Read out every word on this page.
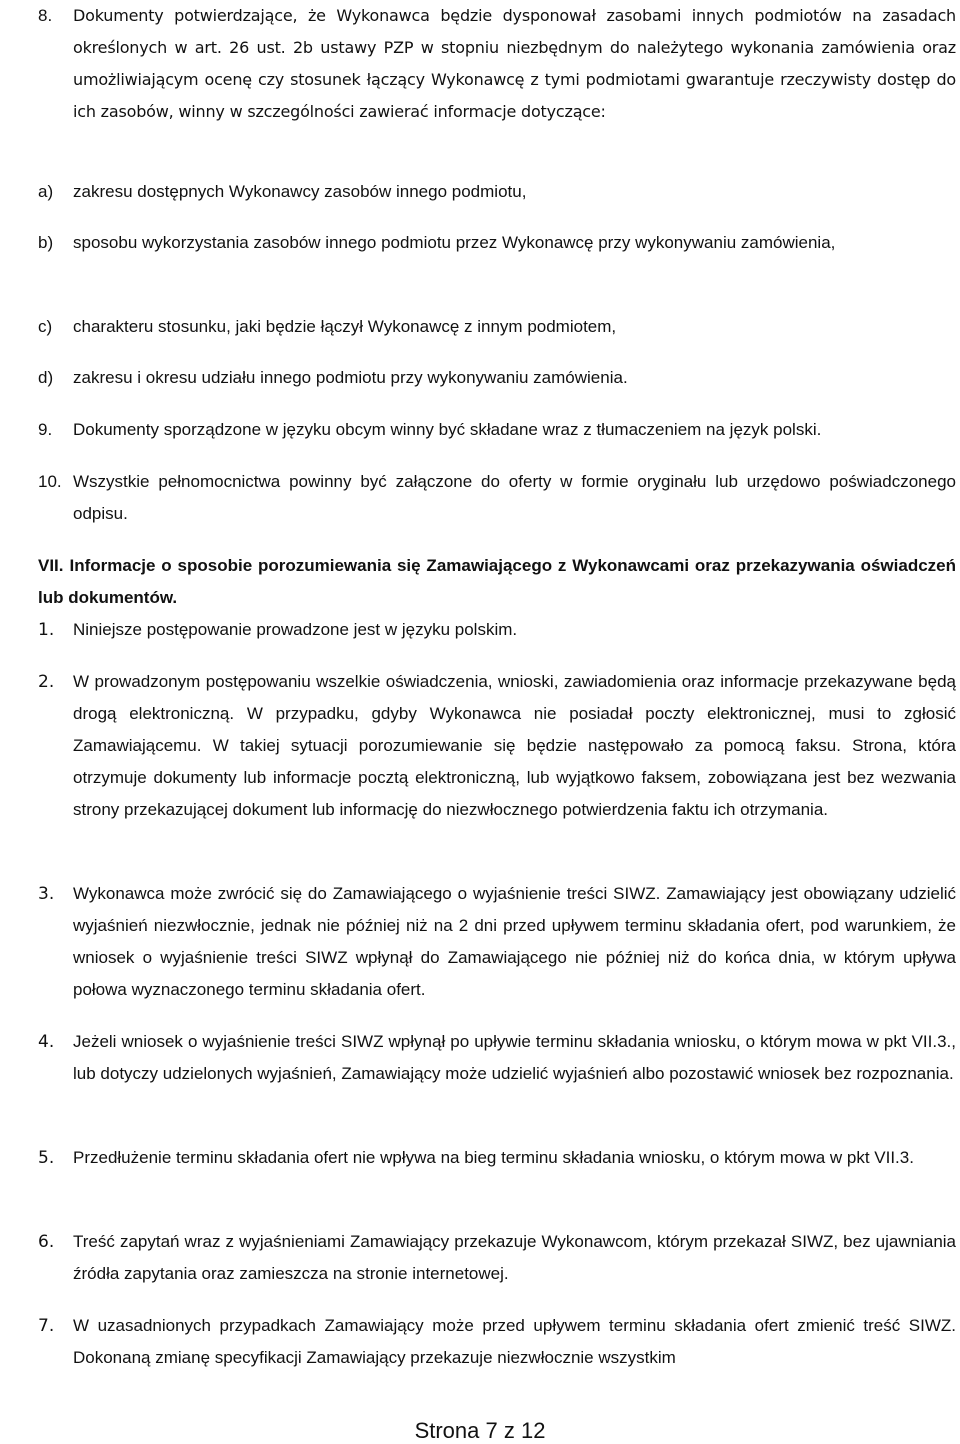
8. Dokumenty potwierdzające, że Wykonawca będzie dysponował zasobami innych podmiotów na zasadach określonych w art. 26 ust. 2b ustawy PZP w stopniu niezbędnym do należytego wykonania zamówienia oraz umożliwiającym ocenę czy stosunek łączący Wykonawcę z tymi podmiotami gwarantuje rzeczywisty dostęp do ich zasobów, winny w szczególności zawierać informacje dotyczące:
a) zakresu dostępnych Wykonawcy zasobów innego podmiotu,
b) sposobu wykorzystania zasobów innego podmiotu przez Wykonawcę przy wykonywaniu zamówienia,
c) charakteru stosunku, jaki będzie łączył Wykonawcę z innym podmiotem,
d) zakresu i okresu udziału innego podmiotu przy wykonywaniu zamówienia.
9. Dokumenty sporządzone w języku obcym winny być składane wraz z tłumaczeniem na język polski.
10. Wszystkie pełnomocnictwa powinny być załączone do oferty w formie oryginału lub urzędowo poświadczonego odpisu.
VII. Informacje o sposobie porozumiewania się Zamawiającego z Wykonawcami oraz przekazywania oświadczeń lub dokumentów.
1. Niniejsze postępowanie prowadzone jest w języku polskim.
2. W prowadzonym postępowaniu wszelkie oświadczenia, wnioski, zawiadomienia oraz informacje przekazywane będą drogą elektroniczną. W przypadku, gdyby Wykonawca nie posiadał poczty elektronicznej, musi to zgłosić Zamawiającemu. W takiej sytuacji porozumiewanie się będzie następowało za pomocą faksu. Strona, która otrzymuje dokumenty lub informacje pocztą elektroniczną, lub wyjątkowo faksem, zobowiązana jest bez wezwania strony przekazującej dokument lub informację do niezwłocznego potwierdzenia faktu ich otrzymania.
3. Wykonawca może zwrócić się do Zamawiającego o wyjaśnienie treści SIWZ. Zamawiający jest obowiązany udzielić wyjaśnień niezwłocznie, jednak nie później niż na 2 dni przed upływem terminu składania ofert, pod warunkiem, że wniosek o wyjaśnienie treści SIWZ wpłynął do Zamawiającego nie później niż do końca dnia, w którym upływa połowa wyznaczonego terminu składania ofert.
4. Jeżeli wniosek o wyjaśnienie treści SIWZ wpłynął po upływie terminu składania wniosku, o którym mowa w pkt VII.3., lub dotyczy udzielonych wyjaśnień, Zamawiający może udzielić wyjaśnień albo pozostawić wniosek bez rozpoznania.
5. Przedłużenie terminu składania ofert nie wpływa na bieg terminu składania wniosku, o którym mowa w pkt VII.3.
6. Treść zapytań wraz z wyjaśnieniami Zamawiający przekazuje Wykonawcom, którym przekazał SIWZ, bez ujawniania źródła zapytania oraz zamieszcza na stronie internetowej.
7. W uzasadnionych przypadkach Zamawiający może przed upływem terminu składania ofert zmienić treść SIWZ. Dokonaną zmianę specyfikacji Zamawiający przekazuje niezwłocznie wszystkim
Strona 7 z 12
